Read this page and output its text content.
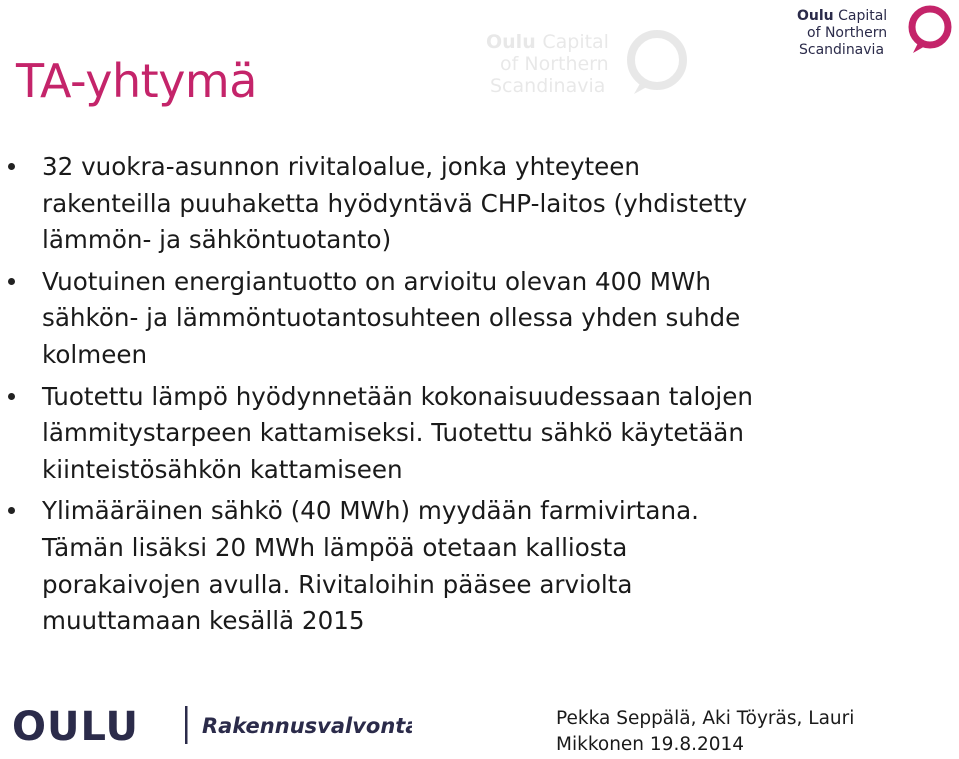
Oulu Capital
of Northern
Scandinavia
Oulu Capital
of Northern
Scandinavia
TA-yhtymä
32 vuokra-asunnon rivitaloalue, jonka yhteyteen
rakenteilla puuhaketta hyödyntävä CHP-laitos (yhdistetty
lämmön- ja sähköntuotanto)
Vuotuinen energiantuotto on arvioitu olevan 400 MWh
sähkön- ja lämmöntuotantosuhteen ollessa yhden suhde
kolmeen
Tuotettu lämpö hyödynnetään kokonaisuudessaan talojen
lämmitystarpeen kattamiseksi. Tuotettu sähkö käytetään
kiinteistösähkön kattamiseen
Ylimääräinen sähkö (40 MWh) myydään farmivirtana.
Tämän lisäksi 20 MWh lämpöä otetaan kalliosta
porakaivojen avulla. Rivitaloihin pääsee arviolta
muuttamaan kesällä 2015
OULU	Rakennusvalvonta	Pekka Seppälä, Aki Töyräs, Lauri
Mikkonen 19.8.2014
